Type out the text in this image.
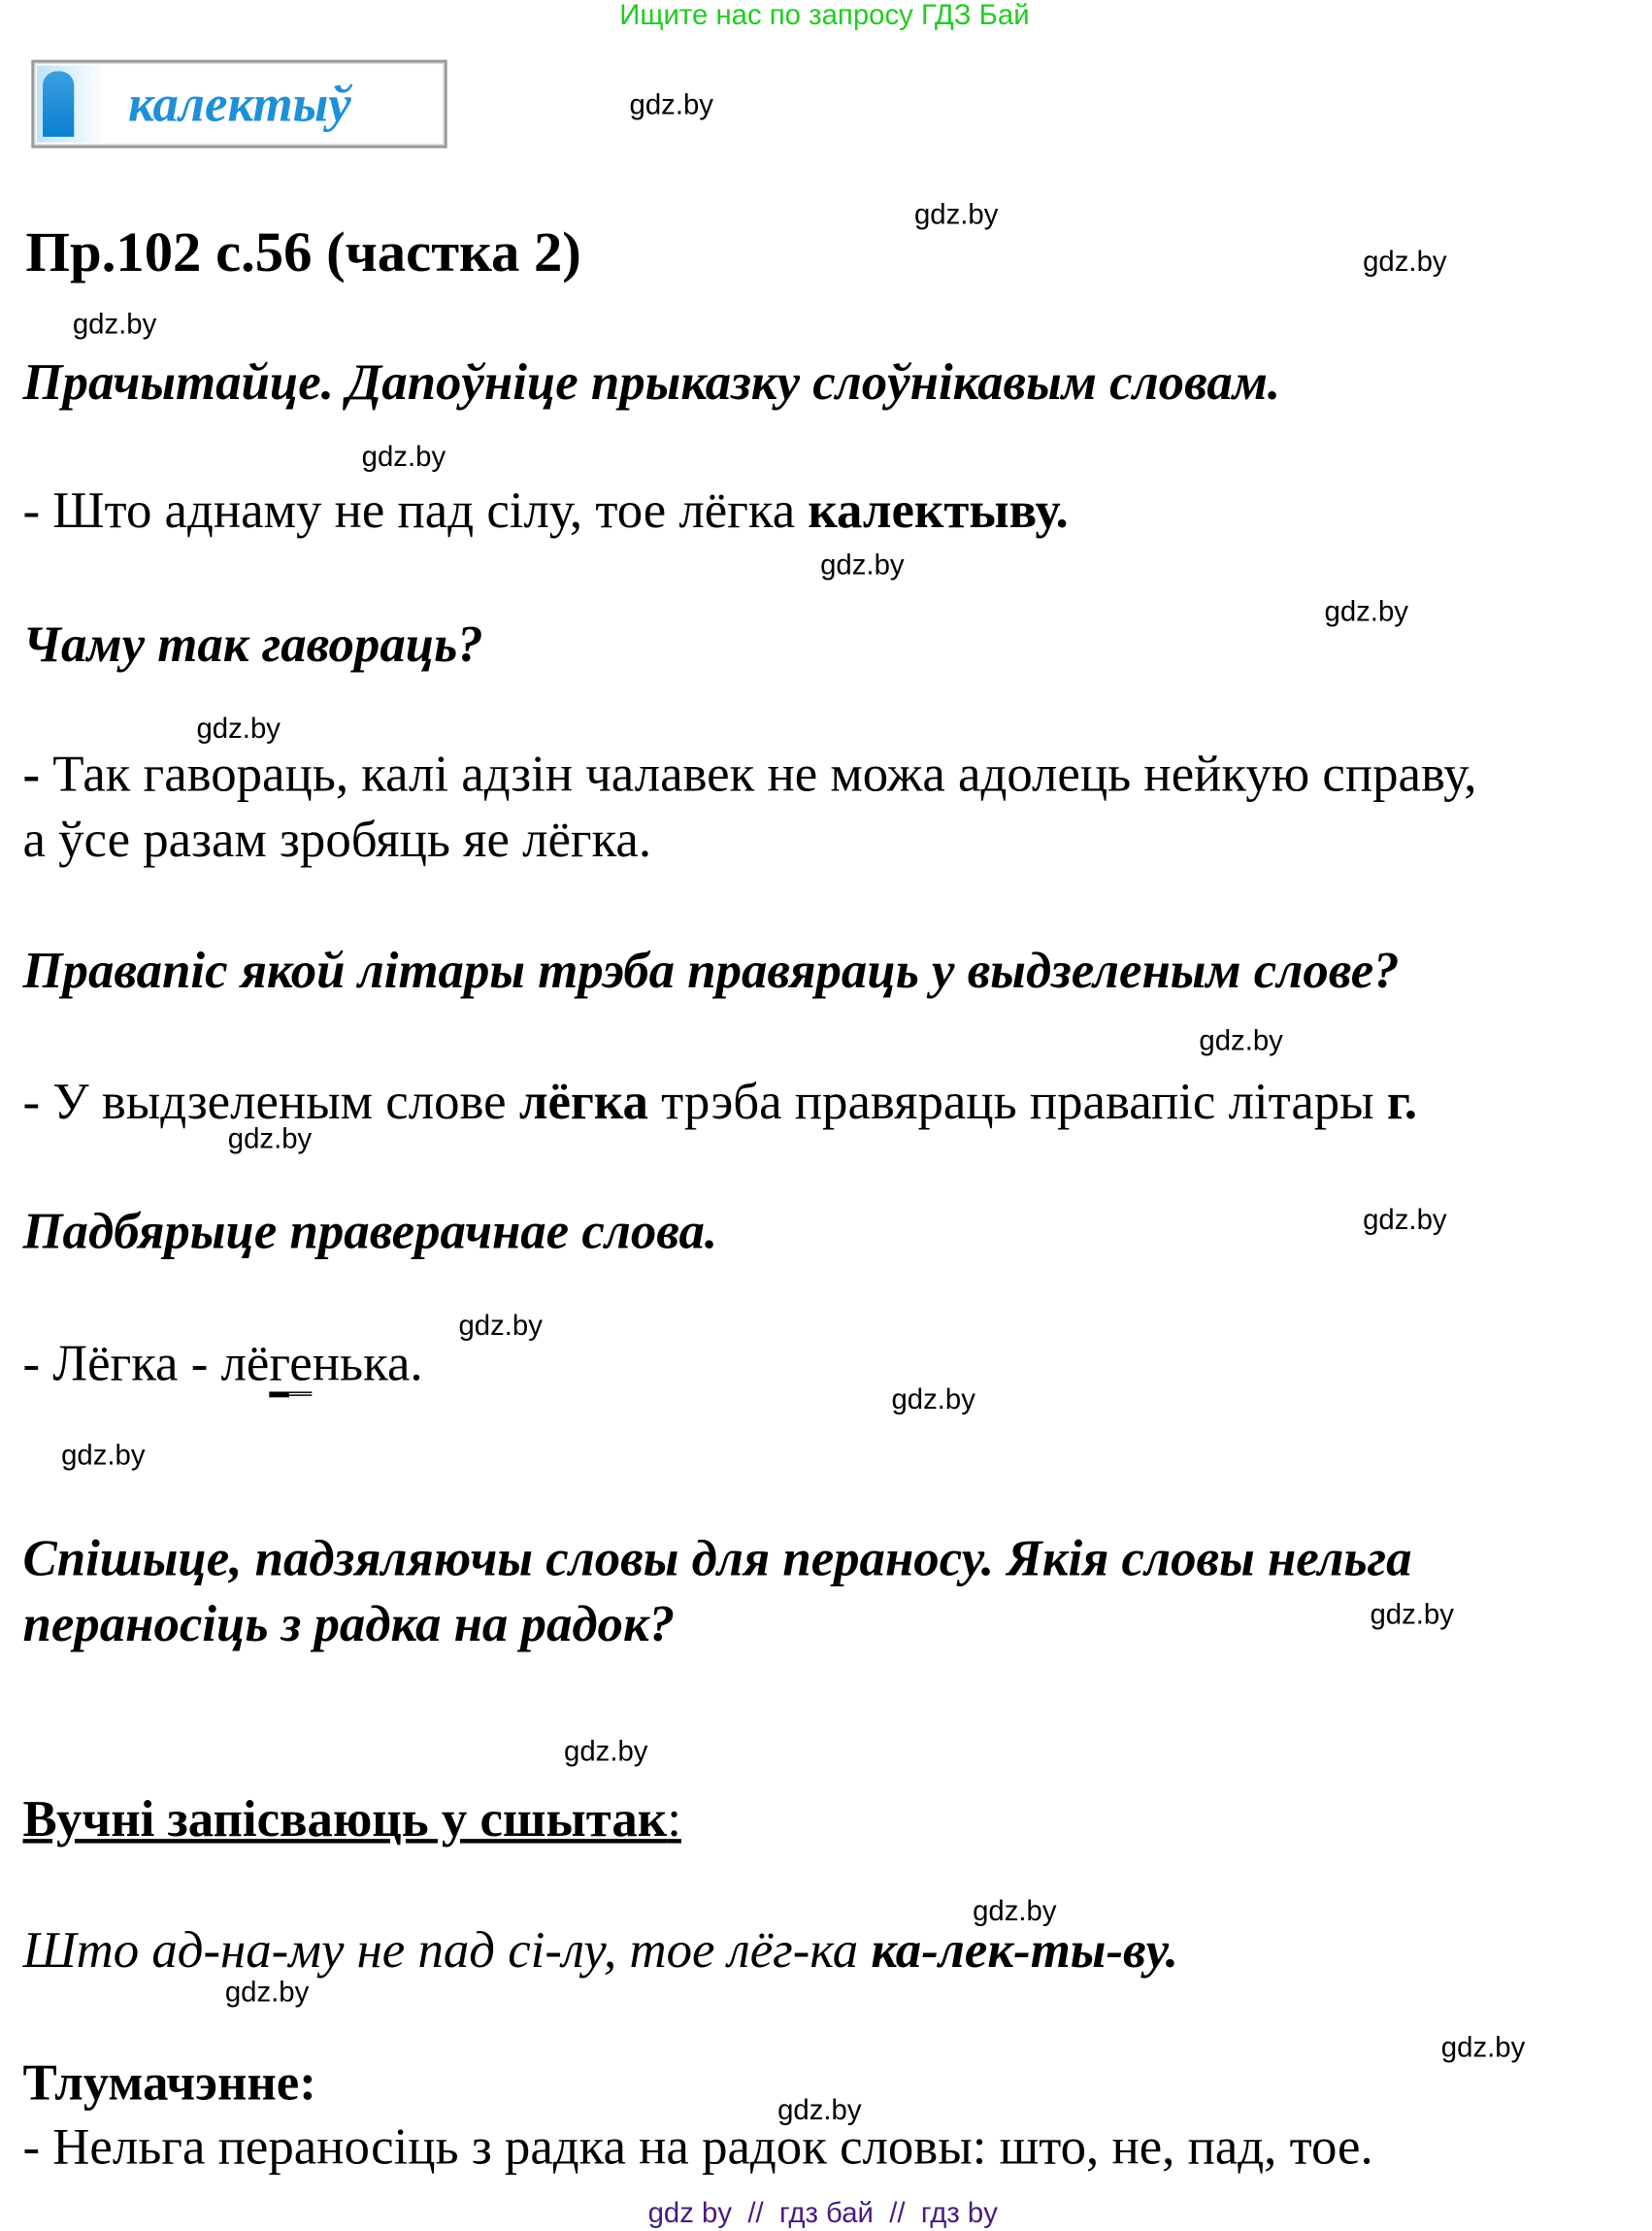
Ищите нас по запросу ГДЗ Бай
калектыў
Пр.102 с.56 (частка 2)
Прачытайце. Дапоўніце прыказку слоўнікавым словам.
- Што аднаму не пад сілу, тое лёгка калектыву.
Чаму так гавораць?
- Так гавораць, калі адзін чалавек не можа адолець нейкую справу,
а ўсе разам зробяць яе лёгка.
Правапіс якой літары трэба правяраць у выдзеленым слове?
- У выдзеленым слове лёгка трэба правяраць правапіс літары г.
Падбярыце праверачнае слова.
- Лёгка - лёгенька.
Спішыце, падзяляючы словы для пераносу. Якія словы нельга
пераносіць з радка на радок?
Вучні запісваюць у сшытак:
Што ад-на-му не пад сі-лу, тое лёг-ка ка-лек-ты-ву.
Тлумачэнне:
- Нельга пераносіць з радка на радок словы: што, не, пад, тое.
gdz.by
gdz.by
gdz.by
gdz.by
gdz.by
gdz.by
gdz.by
gdz.by
gdz.by
gdz.by
gdz.by
gdz.by
gdz.by
gdz.by
gdz.by
gdz.by
gdz.by
gdz.by
gdz.by
gdz.by
gdz by  //  гдз бай  //  гдз by
